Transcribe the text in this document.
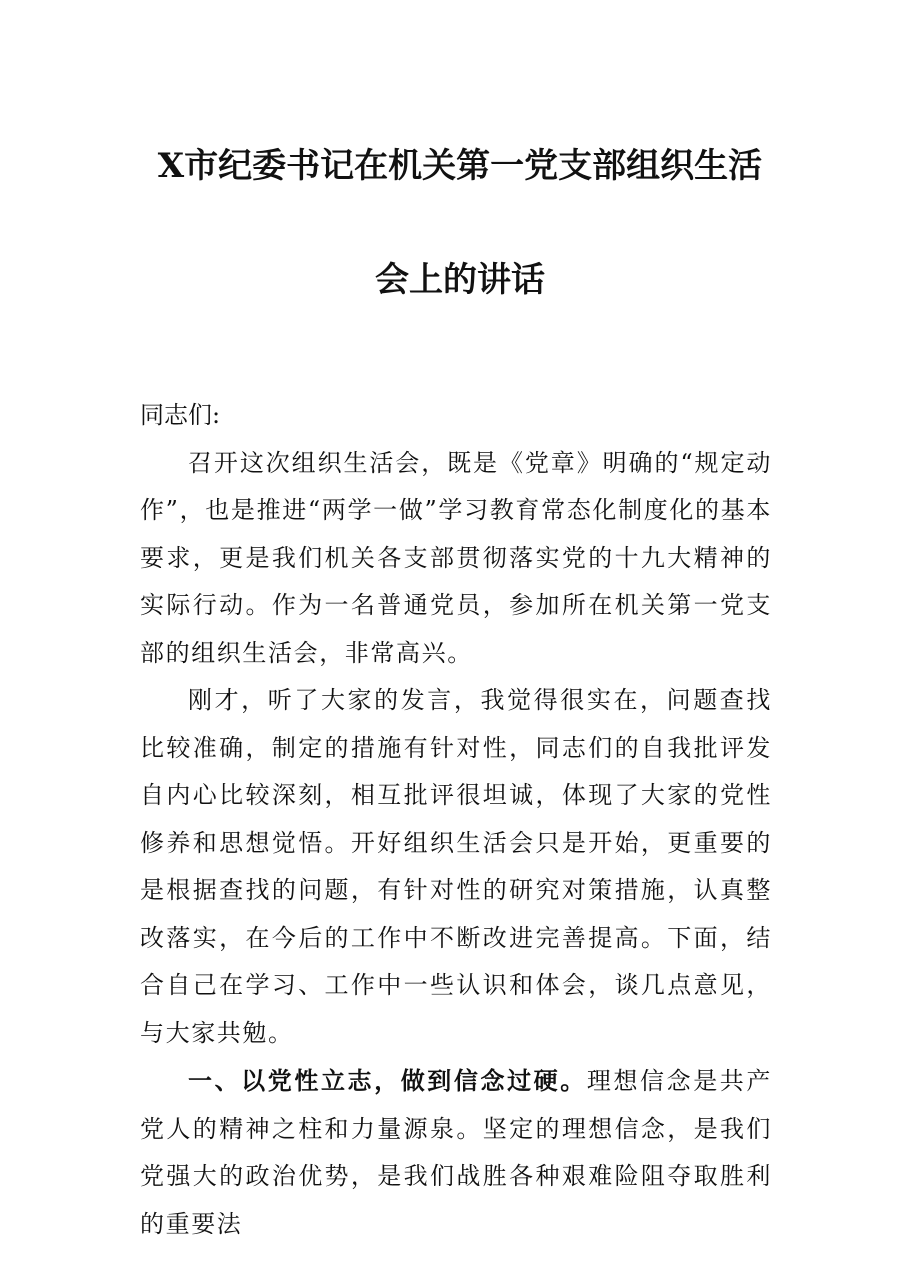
X市纪委书记在机关第一党支部组织生活
会上的讲话

同志们:

召开这次组织生活会，既是《党章》明确的“规定动作”，也是推进“两学一做”学习教育常态化制度化的基本要求，更是我们机关各支部贯彻落实党的十九大精神的实际行动。作为一名普通党员，参加所在机关第一党支部的组织生活会，非常高兴。

刚才，听了大家的发言，我觉得很实在，问题查找比较准确，制定的措施有针对性，同志们的自我批评发自内心比较深刻，相互批评很坦诚，体现了大家的党性修养和思想觉悟。开好组织生活会只是开始，更重要的是根据查找的问题，有针对性的研究对策措施，认真整改落实，在今后的工作中不断改进完善提高。下面，结合自己在学习、工作中一些认识和体会，谈几点意见，与大家共勉。

一、以党性立志，做到信念过硬。理想信念是共产党人的精神之柱和力量源泉。坚定的理想信念，是我们党强大的政治优势，是我们战胜各种艰难险阻夺取胜利的重要法
